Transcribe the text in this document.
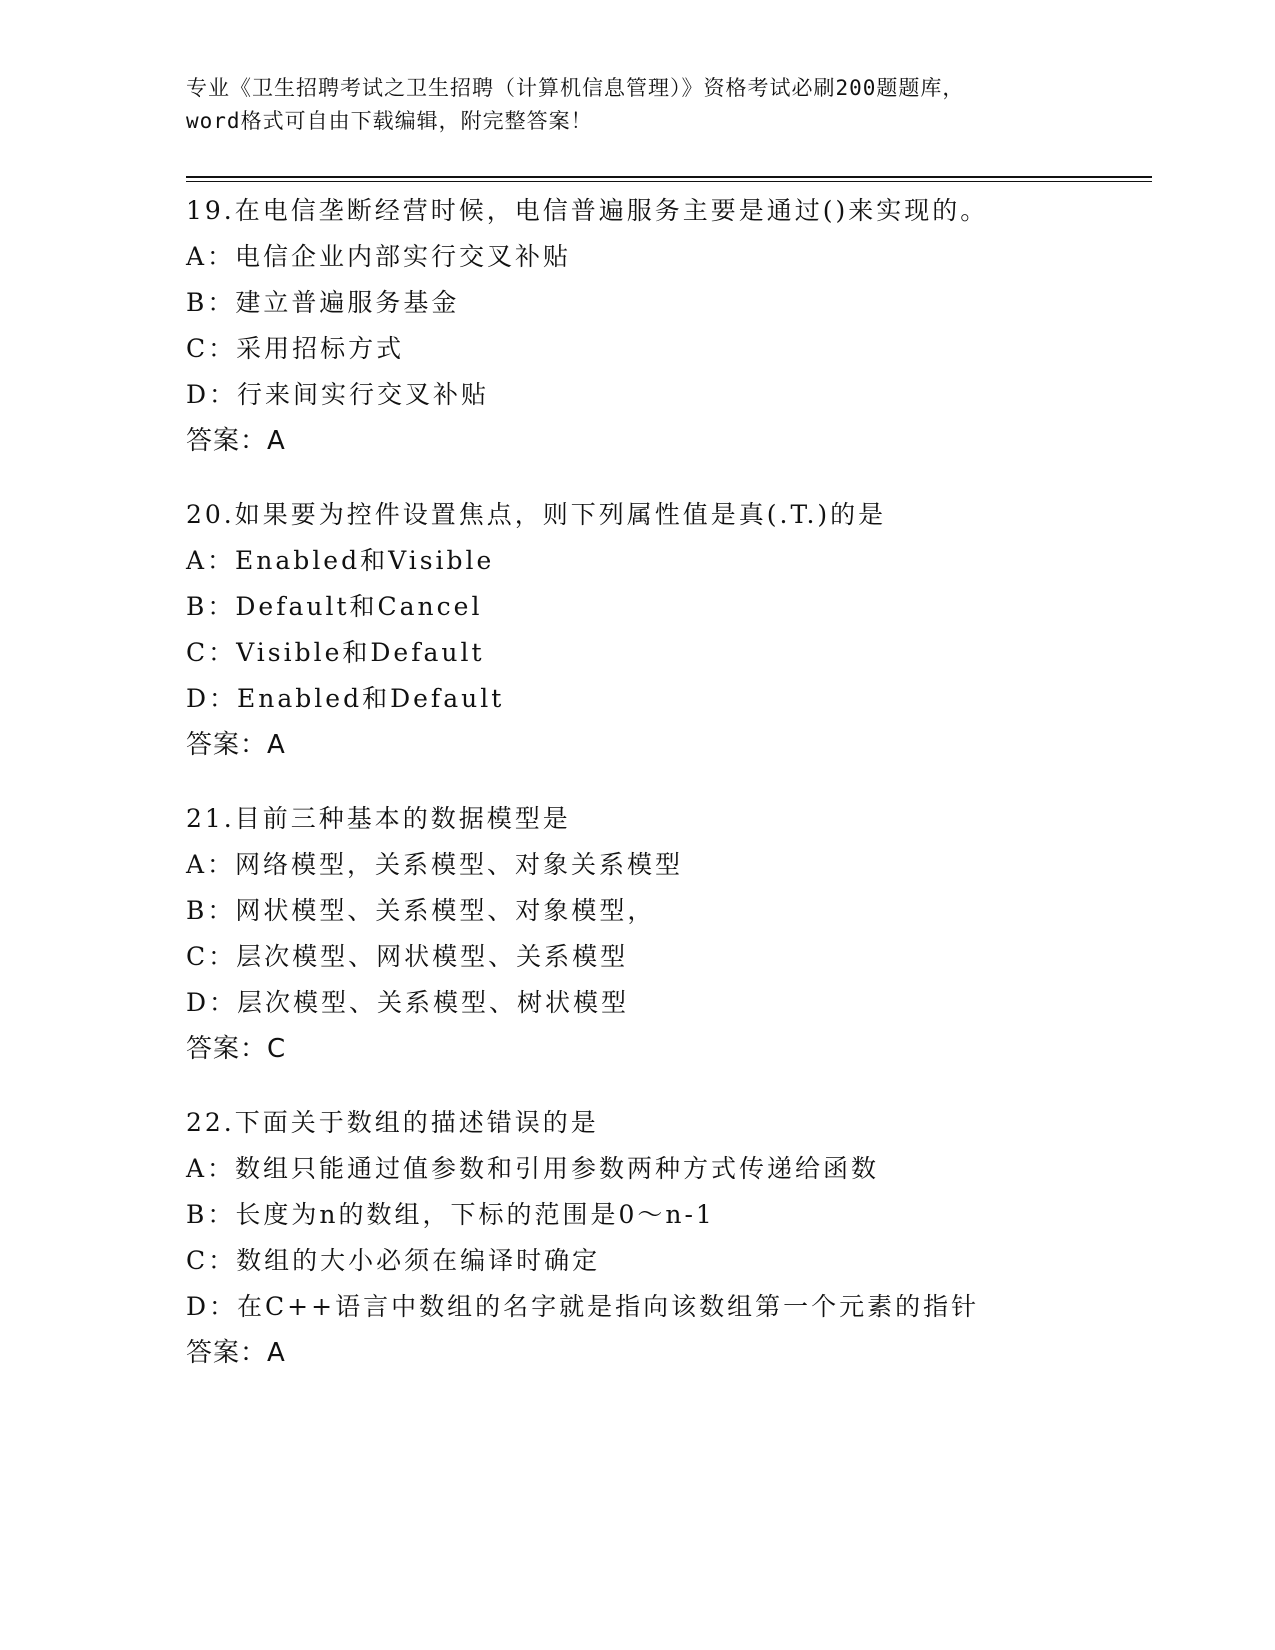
专业《卫生招聘考试之卫生招聘（计算机信息管理）》资格考试必刷200题题库，
word格式可自由下载编辑，附完整答案！
19.在电信垄断经营时候，电信普遍服务主要是通过()来实现的。
A：电信企业内部实行交叉补贴
B：建立普遍服务基金
C：采用招标方式
D：行来间实行交叉补贴
答案：A
20.如果要为控件设置焦点，则下列属性值是真(.T.)的是
A：Enabled和Visible
B：Default和Cancel
C：Visible和Default
D：Enabled和Default
答案：A
21.目前三种基本的数据模型是
A：网络模型，关系模型、对象关系模型
B：网状模型、关系模型、对象模型，
C：层次模型、网状模型、关系模型
D：层次模型、关系模型、树状模型
答案：C
22.下面关于数组的描述错误的是
A：数组只能通过值参数和引用参数两种方式传递给函数
B：长度为n的数组，下标的范围是0～n-1
C：数组的大小必须在编译时确定
D：在C++语言中数组的名字就是指向该数组第一个元素的指针
答案：A
